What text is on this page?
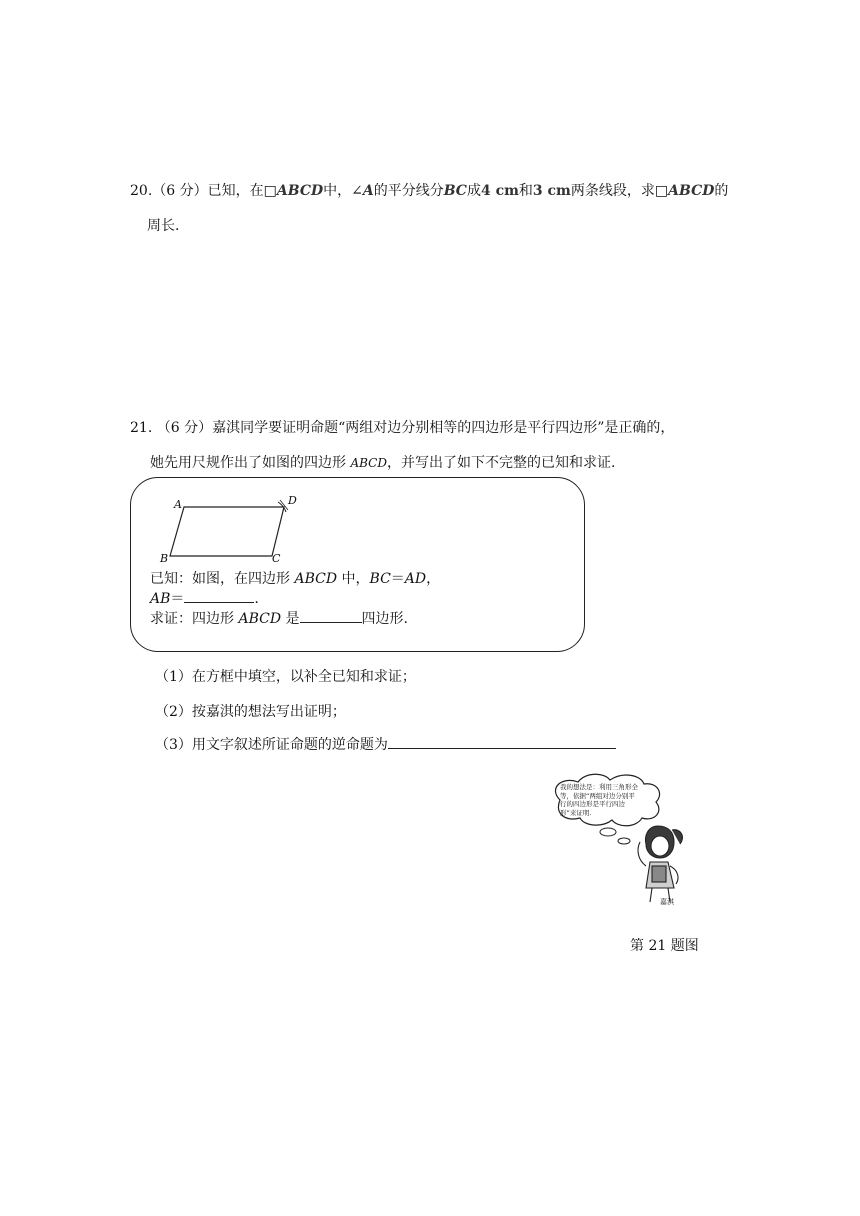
20.（6 分）已知，在□ABCD中，∠A的平分线分BC成4 cm和3 cm两条线段，求□ABCD的
周长.
21. （6 分）嘉淇同学要证明命题“两组对边分别相等的四边形是平行四边形”是正确的，
她先用尺规作出了如图的四边形 ABCD，并写出了如下不完整的已知和求证.
A	D
B	C
已知：如图，在四边形 ABCD 中，BC＝AD，
AB＝	.
求证：四边形 ABCD 是	四边形.
（1）在方框中填空，以补全已知和求证；
（2）按嘉淇的想法写出证明；
（3）用文字叙述所证命题的逆命题为
我的想法是：利用三角形全等，依据“两组对边分别平行的四边形是平行四边形”来证明.
嘉淇
第 21 题图
